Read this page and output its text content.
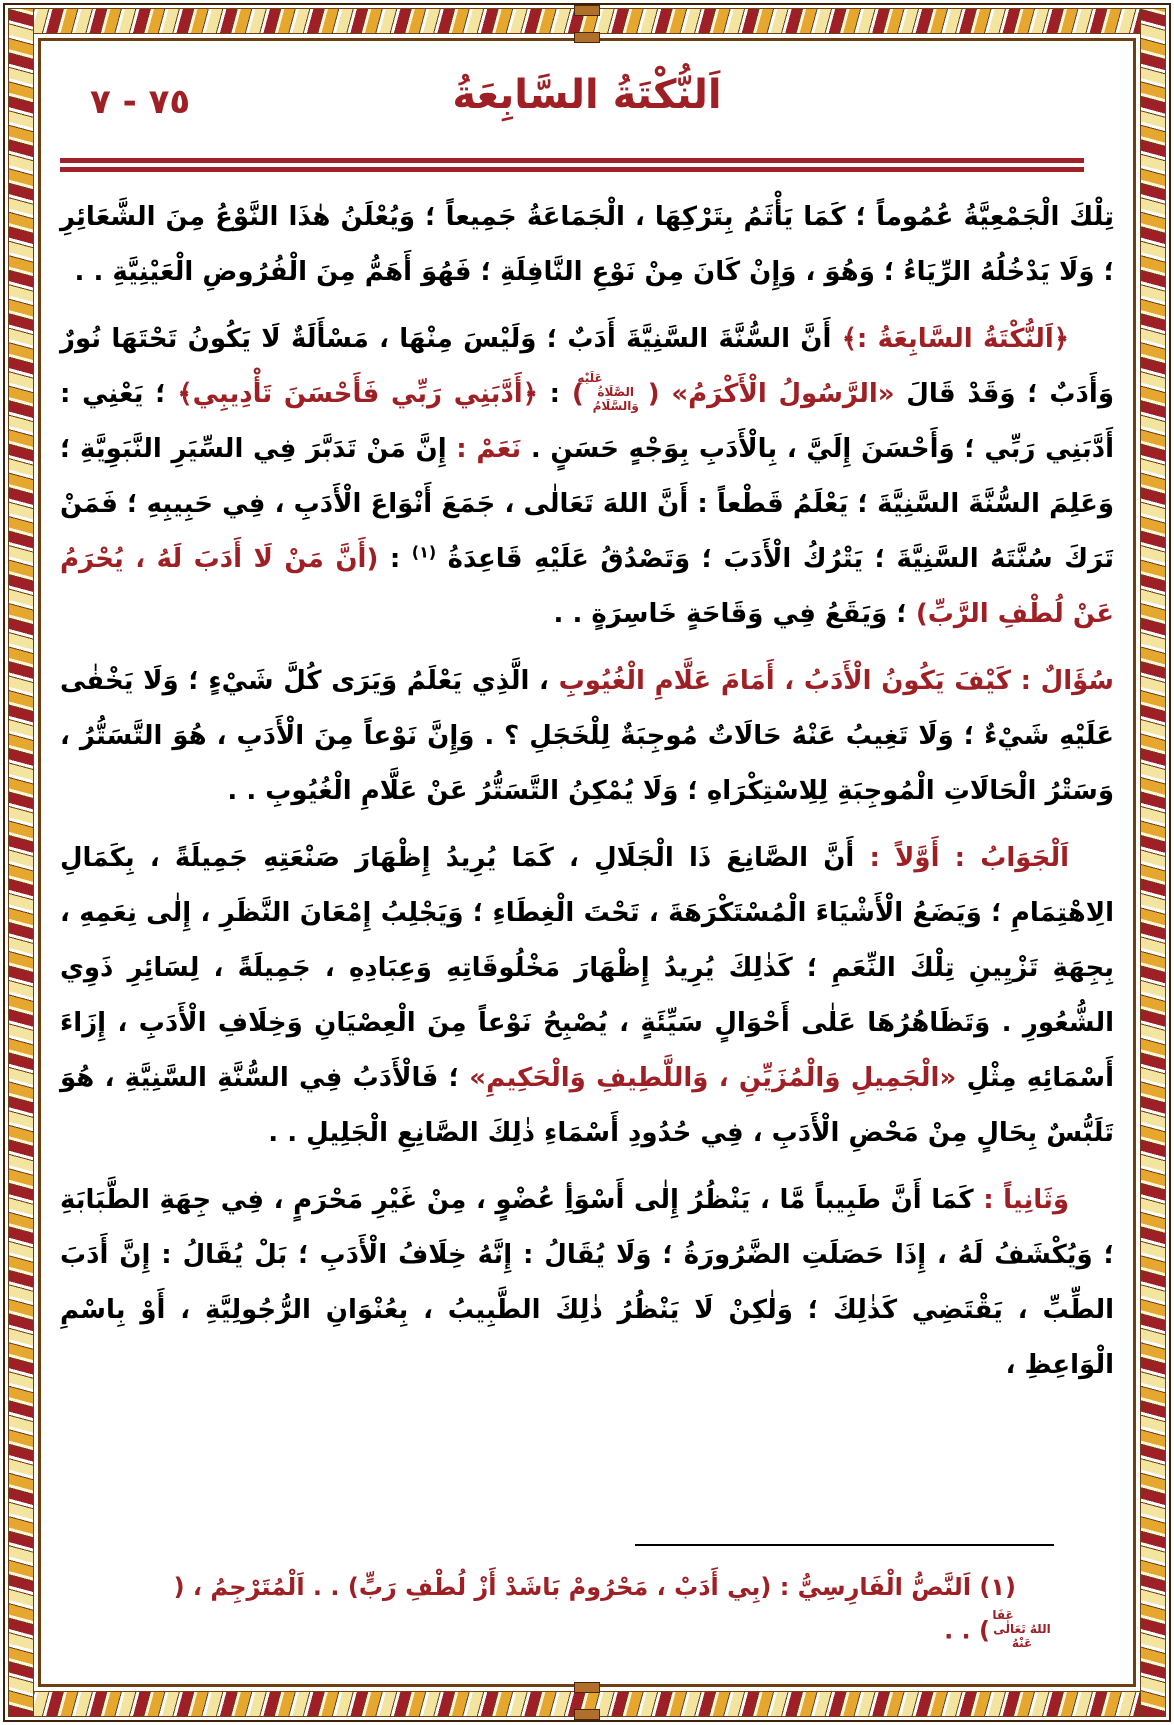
٧٥ - ٧	اَلنُّكْتَةُ السَّابِعَةُ

تِلْكَ الْجَمْعِيَّةُ عُمُوماً ؛ كَمَا يَأْثَمُ بِتَرْكِهَا ، الْجَمَاعَةُ جَمِيعاً ؛ وَيُعْلَنُ هٰذَا النَّوْعُ مِنَ الشَّعَائِرِ ؛ وَلَا يَدْخُلُهُ الرِّيَاءُ ؛ وَهُوَ ، وَإِنْ كَانَ مِنْ نَوْعِ النَّافِلَةِ ؛ فَهُوَ أَهَمُّ مِنَ الْفُرُوضِ الْعَيْنِيَّةِ . .

﴿اَلنُّكْتَةُ السَّابِعَةُ :﴾ أَنَّ السُّنَّةَ السَّنِيَّةَ أَدَبٌ ؛ وَلَيْسَ مِنْهَا ، مَسْأَلَةٌ لَا يَكُونُ تَحْتَهَا نُورٌ وَأَدَبٌ ؛ وَقَدْ قَالَ «الرَّسُولُ الْأَكْرَمُ» (عَلَيْهِ الصَّلَاةُ وَالسَّلَامُ) : ﴿أَدَّبَنِي رَبِّي فَأَحْسَنَ تَأْدِيبِي﴾ ؛ يَعْنِي : أَدَّبَنِي رَبِّي ؛ وَأَحْسَنَ إِلَيَّ ، بِالْأَدَبِ بِوَجْهٍ حَسَنٍ . نَعَمْ : إِنَّ مَنْ تَدَبَّرَ فِي السِّيَرِ النَّبَوِيَّةِ ؛ وَعَلِمَ السُّنَّةَ السَّنِيَّةَ ؛ يَعْلَمُ قَطْعاً : أَنَّ اللهَ تَعَالٰى ، جَمَعَ أَنْوَاعَ الْأَدَبِ ، فِي حَبِيبِهِ ؛ فَمَنْ تَرَكَ سُنَّتَهُ السَّنِيَّةَ ؛ يَتْرُكُ الْأَدَبَ ؛ وَتَصْدُقُ عَلَيْهِ قَاعِدَةُ $^{(١)}$ : (أَنَّ مَنْ لَا أَدَبَ لَهُ ، يُحْرَمُ عَنْ لُطْفِ الرَّبِّ) ؛ وَيَقَعُ فِي وَقَاحَةٍ خَاسِرَةٍ . .

سُؤَالٌ : كَيْفَ يَكُونُ الْأَدَبُ ، أَمَامَ عَلَّامِ الْغُيُوبِ ، الَّذِي يَعْلَمُ وَيَرَى كُلَّ شَيْءٍ ؛ وَلَا يَخْفٰى عَلَيْهِ شَيْءٌ ؛ وَلَا تَغِيبُ عَنْهُ حَالَاتٌ مُوجِبَةٌ لِلْخَجَلِ ؟ . وَإِنَّ نَوْعاً مِنَ الْأَدَبِ ، هُوَ التَّسَتُّرُ ، وَسَتْرُ الْحَالَاتِ الْمُوجِبَةِ لِلِاسْتِكْرَاهِ ؛ وَلَا يُمْكِنُ التَّسَتُّرُ عَنْ عَلَّامِ الْغُيُوبِ . .

اَلْجَوَابُ : أَوَّلاً : أَنَّ الصَّانِعَ ذَا الْجَلَالِ ، كَمَا يُرِيدُ إِظْهَارَ صَنْعَتِهِ جَمِيلَةً ، بِكَمَالِ الِاهْتِمَامِ ؛ وَيَضَعُ الْأَشْيَاءَ الْمُسْتَكْرَهَةَ ، تَحْتَ الْغِطَاءِ ؛ وَيَجْلِبُ إِمْعَانَ النَّظَرِ ، إِلٰى نِعَمِهِ ، بِجِهَةِ تَزْيِينِ تِلْكَ النِّعَمِ ؛ كَذٰلِكَ يُرِيدُ إِظْهَارَ مَخْلُوقَاتِهِ وَعِبَادِهِ ، جَمِيلَةً ، لِسَائِرِ ذَوِي الشُّعُورِ . وَتَظَاهُرُهَا عَلٰى أَحْوَالٍ سَيِّئَةٍ ، يُصْبِحُ نَوْعاً مِنَ الْعِصْيَانِ وَخِلَافِ الْأَدَبِ ، إِزَاءَ أَسْمَائِهِ مِثْلِ «الْجَمِيلِ وَالْمُزَيِّنِ ، وَاللَّطِيفِ وَالْحَكِيمِ» ؛ فَالْأَدَبُ فِي السُّنَّةِ السَّنِيَّةِ ، هُوَ تَلَبُّسٌ بِحَالٍ مِنْ مَحْضِ الْأَدَبِ ، فِي حُدُودِ أَسْمَاءِ ذٰلِكَ الصَّانِعِ الْجَلِيلِ . .

وَثَانِياً : كَمَا أَنَّ طَبِيباً مَّا ، يَنْظُرُ إِلٰى أَسْوَأِ عُضْوٍ ، مِنْ غَيْرِ مَحْرَمٍ ، فِي جِهَةِ الطَّبَابَةِ ؛ وَيُكْشَفُ لَهُ ، إِذَا حَصَلَتِ الضَّرُورَةُ ؛ وَلَا يُقَالُ : إِنَّهُ خِلَافُ الْأَدَبِ ؛ بَلْ يُقَالُ : إِنَّ أَدَبَ الطِّبِّ ، يَقْتَضِي كَذٰلِكَ ؛ وَلٰكِنْ لَا يَنْظُرُ ذٰلِكَ الطَّبِيبُ ، بِعُنْوَانِ الرُّجُولِيَّةِ ، أَوْ بِاسْمِ الْوَاعِظِ ،

(١) اَلنَّصُّ الْفَارِسِيُّ : (بِي أَدَبْ ، مَحْرُومْ بَاشَدْ أَزْ لُطْفِ رَبٍّ) . . اَلْمُتَرْجِمُ ، (عَفَا اللهُ تَعَالٰى عَنْهُ) . .
